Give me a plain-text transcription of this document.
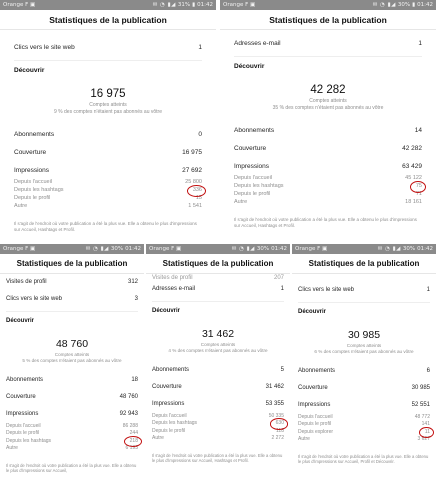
Orange F ▣	✉ ◔ ▮◢ 31% ▮ 01:42
Statistiques de la publication
Clics vers le site web	1
Découvrir
16 975
Comptes atteints
9 % des comptes n'étaient pas abonnés au vôtre
Abonnements	0
Couverture	16 975
Impressions	27 692
Depuis l'accueil	25 800
Depuis les hashtags	336
Depuis le profil	15
Autre	1 541
Il s'agit de l'endroit où votre publication a été la plus vue. Elle a obtenu le plus d'impressions sur Accueil, Hashtags et Profil.
Orange F ▣	✉ ◔ ▮◢ 30% ▮ 01:42
Statistiques de la publication
Adresses e-mail	1
Découvrir
42 282
Comptes atteints
35 % des comptes n'étaient pas abonnés au vôtre
Abonnements	14
Couverture	42 282
Impressions	63 429
Depuis l'accueil	45 122
Depuis les hashtags	75
Depuis le profil	71
Autre	18 161
Il s'agit de l'endroit où votre publication a été la plus vue. Elle a obtenu le plus d'impressions sur Accueil, Hashtags et Profil.
Orange F ▣	✉ ◔ ▮◢ 30% 01:42
Statistiques de la publication
Visites de profil	312
Clics vers le site web	3
Découvrir
48 760
Comptes atteints
5 % des comptes n'étaient pas abonnés au vôtre
Abonnements	18
Couverture	48 760
Impressions	92 943
Depuis l'accueil	86 288
Depuis le profil	244
Depuis les hashtags	218
Autre	6 193
Il s'agit de l'endroit où votre publication a été la plus vue. Elle a obtenu le plus d'impressions sur Accueil,
Orange F ▣	✉ ◔ ▮◢ 30% 01:42
Statistiques de la publication
Visites de profil	207
Adresses e-mail	1
Découvrir
31 462
Comptes atteints
4 % des comptes n'étaient pas abonnés au vôtre
Abonnements	5
Couverture	31 462
Impressions	53 355
Depuis l'accueil	50 335
Depuis les hashtags	630
Depuis le profil	118
Autre	2 272
Il s'agit de l'endroit où votre publication a été la plus vue. Elle a obtenu le plus d'impressions sur Accueil, Hashtags et Profil.
Orange F ▣	✉ ◔ ▮◢ 30% 01:42
Statistiques de la publication
Clics vers le site web	1
Découvrir
30 985
Comptes atteints
6 % des comptes n'étaient pas abonnés au vôtre
Abonnements	6
Couverture	30 985
Impressions	52 551
Depuis l'accueil	48 772
Depuis le profil	141
Depuis explorer	11
Autre	3 627
Il s'agit de l'endroit où votre publication a été la plus vue. Elle a obtenu le plus d'impressions sur Accueil, Profil et Découvrir.
